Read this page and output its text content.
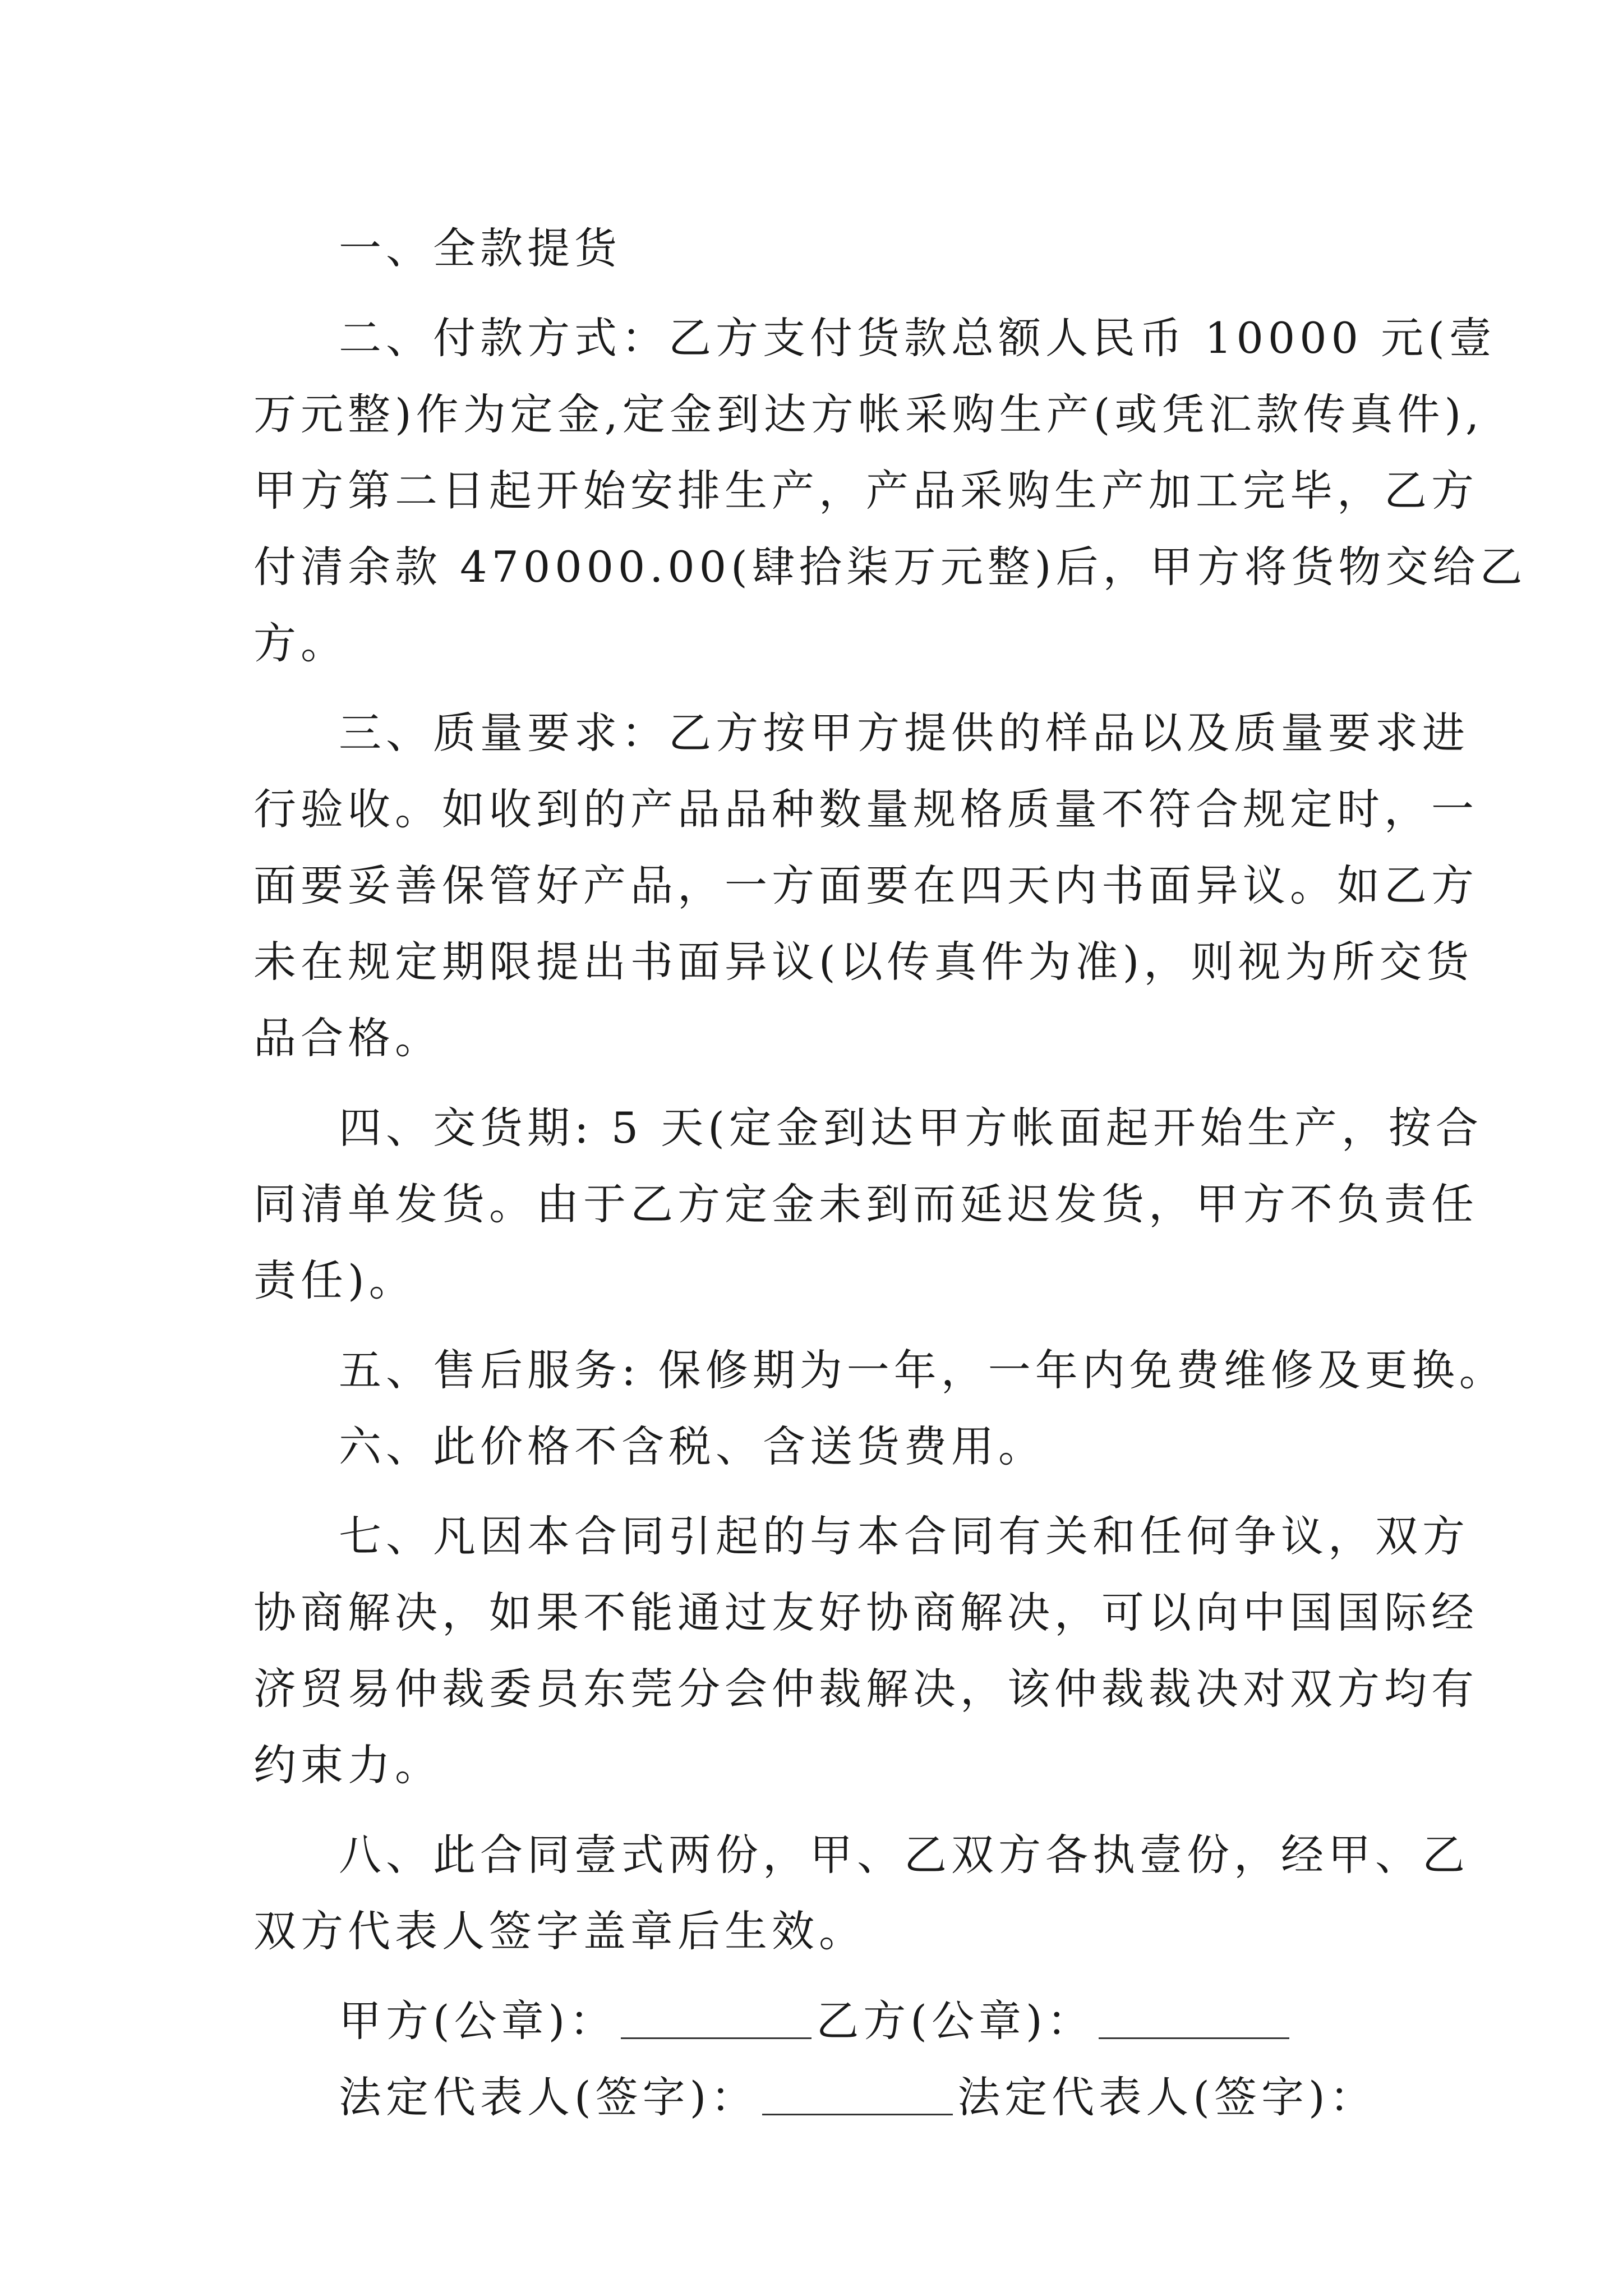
一、全款提货
二、付款方式：乙方支付货款总额人民币 10000 元(壹
万元整)作为定金,定金到达方帐采购生产(或凭汇款传真件),
甲方第二日起开始安排生产，产品采购生产加工完毕，乙方
付清余款 470000.00(肆拾柒万元整)后，甲方将货物交给乙
方。
三、质量要求：乙方按甲方提供的样品以及质量要求进
行验收。如收到的产品品种数量规格质量不符合规定时，一
面要妥善保管好产品，一方面要在四天内书面异议。如乙方
未在规定期限提出书面异议(以传真件为准)，则视为所交货
品合格。
四、交货期: 5 天(定金到达甲方帐面起开始生产，按合
同清单发货。由于乙方定金未到而延迟发货，甲方不负责任
责任)。
五、售后服务: 保修期为一年，一年内免费维修及更换。
六、此价格不含税、含送货费用。
七、凡因本合同引起的与本合同有关和任何争议，双方
协商解决，如果不能通过友好协商解决，可以向中国国际经
济贸易仲裁委员东莞分会仲裁解决，该仲裁裁决对双方均有
约束力。
八、此合同壹式两份，甲、乙双方各执壹份，经甲、乙
双方代表人签字盖章后生效。
甲方(公章)：	乙方(公章)：
法定代表人(签字)：	法定代表人(签字)：
